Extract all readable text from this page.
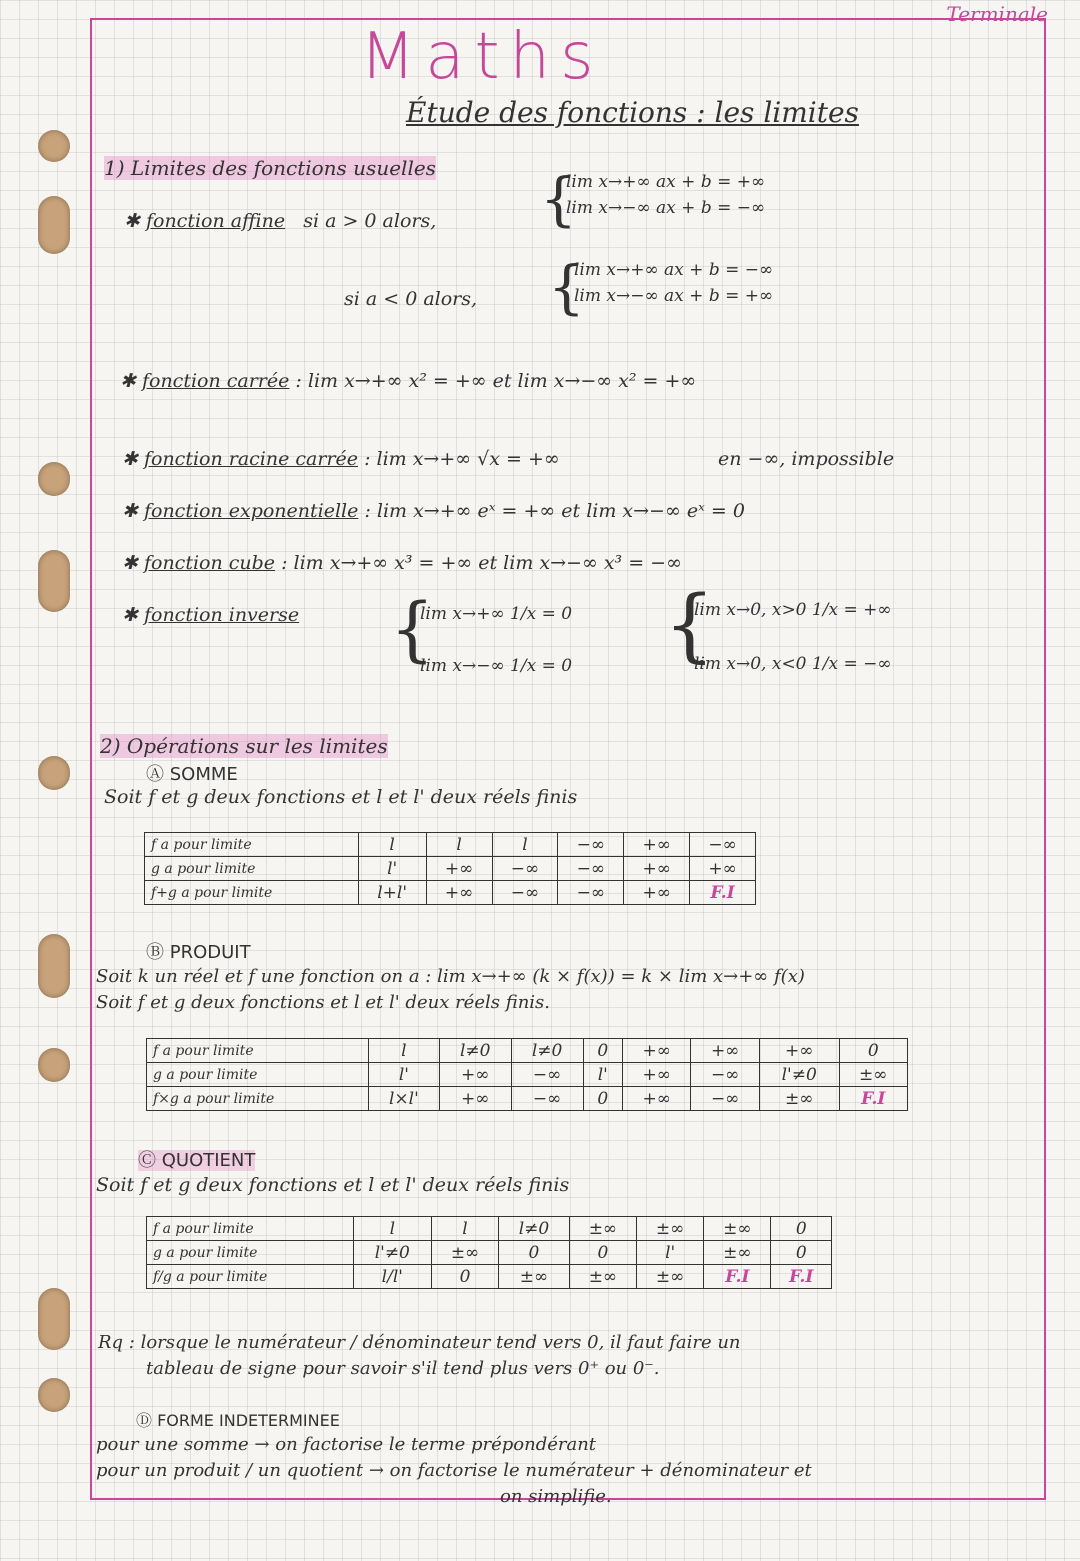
Terminale
Maths
Étude des fonctions : les limites
1) Limites des fonctions usuelles
✱ fonction affine si a > 0 alors, {
lim x→+∞ ax + b = +∞
lim x→−∞ ax + b = −∞
si a < 0 alors, {
lim x→+∞ ax + b = −∞
lim x→−∞ ax + b = +∞
✱ fonction carrée : lim x→+∞ x² = +∞ et lim x→−∞ x² = +∞
✱ fonction racine carrée : lim x→+∞ √x = +∞	en −∞, impossible
✱ fonction exponentielle : lim x→+∞ eˣ = +∞ et lim x→−∞ eˣ = 0
✱ fonction cube : lim x→+∞ x³ = +∞ et lim x→−∞ x³ = −∞
✱ fonction inverse {
lim x→+∞ 1/x = 0
lim x→−∞ 1/x = 0 {
lim x→0, x>0 1/x = +∞
lim x→0, x<0 1/x = −∞
2) Opérations sur les limites
Ⓐ SOMME
Soit f et g deux fonctions et l et l' deux réels finis
f a pour limite	l	l	l	−∞	+∞	−∞
g a pour limite	l'	+∞	−∞	−∞	+∞	+∞
f+g a pour limite	l+l'	+∞	−∞	−∞	+∞	F.I
Ⓑ PRODUIT
Soit k un réel et f une fonction on a : lim x→+∞ (k × f(x)) = k × lim x→+∞ f(x)
Soit f et g deux fonctions et l et l' deux réels finis.
f a pour limite	l	l≠0	l≠0	0	+∞	+∞	+∞	0
g a pour limite	l'	+∞	−∞	l'	+∞	−∞	l'≠0	±∞
f×g a pour limite	l×l'	+∞	−∞	0	+∞	−∞	±∞	F.I
Ⓒ QUOTIENT
Soit f et g deux fonctions et l et l' deux réels finis
f a pour limite	l	l	l≠0	±∞	±∞	±∞	0
g a pour limite	l'≠0	±∞	0	0	l'	±∞	0
f/g a pour limite	l/l'	0	±∞	±∞	±∞	F.I	F.I
Rq : lorsque le numérateur / dénominateur tend vers 0, il faut faire un
tableau de signe pour savoir s'il tend plus vers 0⁺ ou 0⁻.
Ⓓ FORME INDETERMINEE
pour une somme → on factorise le terme prépondérant
pour un produit / un quotient → on factorise le numérateur + dénominateur et
on simplifie.
